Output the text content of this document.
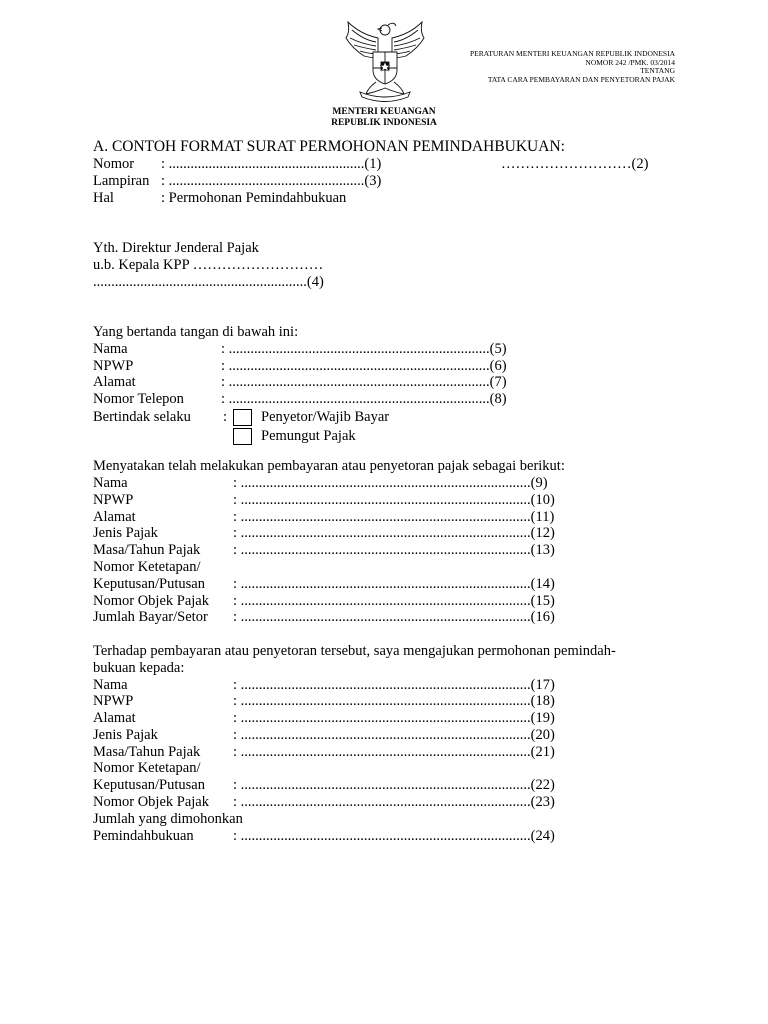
PERATURAN MENTERI KEUANGAN REPUBLIK INDONESIA
NOMOR 242 /PMK. 03/2014
TENTANG
TATA CARA PEMBAYARAN DAN PENYETORAN PAJAK
MENTERI KEUANGAN
REPUBLIK INDONESIA
A. CONTOH FORMAT SURAT PERMOHONAN PEMINDAHBUKUAN:
Nomor : ......................................................(1)	………………………(2)
Lampiran : ......................................................(3)
Hal	: Permohonan Pemindahbukuan
Yth. Direktur Jenderal Pajak
u.b. Kepala KPP ………………………
...........................................................(4)
Yang bertanda tangan di bawah ini:
Nama	: ........................................................................(5)
NPWP	: ........................................................................(6)
Alamat	: ........................................................................(7)
Nomor Telepon	: ........................................................................(8)
Bertindak selaku : Penyetor/Wajib Bayar
Pemungut Pajak
Menyatakan telah melakukan pembayaran atau penyetoran pajak sebagai berikut:
Nama	: ................................................................................(9)
NPWP	: ................................................................................(10)
Alamat	: ................................................................................(11)
Jenis Pajak	: ................................................................................(12)
Masa/Tahun Pajak : ................................................................................(13)
Nomor Ketetapan/
Keputusan/Putusan : ................................................................................(14)
Nomor Objek Pajak : ................................................................................(15)
Jumlah Bayar/Setor : ................................................................................(16)
Terhadap pembayaran atau penyetoran tersebut, saya mengajukan permohonan pemindah-
bukuan kepada:
Nama	: ................................................................................(17)
NPWP	: ................................................................................(18)
Alamat	: ................................................................................(19)
Jenis Pajak	: ................................................................................(20)
Masa/Tahun Pajak : ................................................................................(21)
Nomor Ketetapan/
Keputusan/Putusan : ................................................................................(22)
Nomor Objek Pajak : ................................................................................(23)
Jumlah yang dimohonkan
Pemindahbukuan	: ................................................................................(24)
